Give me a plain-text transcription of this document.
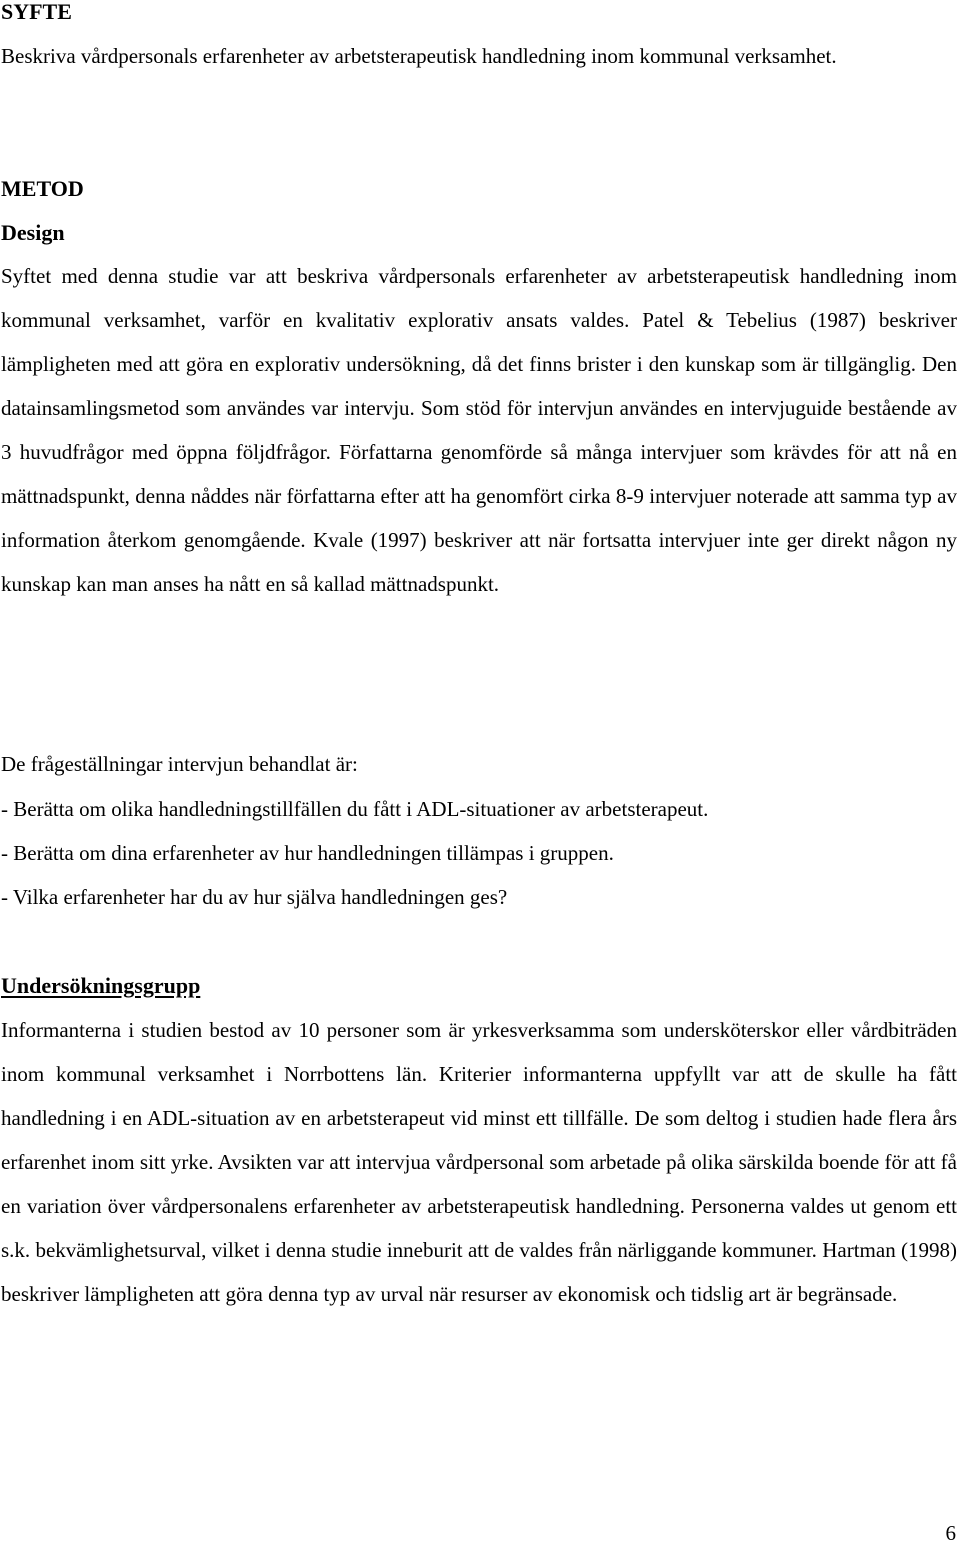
SYFTE

Beskriva vårdpersonals erfarenheter av arbetsterapeutisk handledning inom kommunal verksamhet.

METOD
Design

Syftet med denna studie var att beskriva vårdpersonals erfarenheter av arbetsterapeutisk handledning inom kommunal verksamhet, varför en kvalitativ explorativ ansats valdes. Patel & Tebelius (1987) beskriver lämpligheten med att göra en explorativ undersökning, då det finns brister i den kunskap som är tillgänglig. Den datainsamlingsmetod som användes var intervju. Som stöd för intervjun användes en intervjuguide bestående av 3 huvudfrågor med öppna följdfrågor. Författarna genomförde så många intervjuer som krävdes för att nå en mättnadspunkt, denna nåddes när författarna efter att ha genomfört cirka 8-9 intervjuer noterade att samma typ av information återkom genomgående. Kvale (1997) beskriver att när fortsatta intervjuer inte ger direkt någon ny kunskap kan man anses ha nått en så kallad mättnadspunkt.

De frågeställningar intervjun behandlat är:

- Berätta om olika handledningstillfällen du fått i ADL-situationer av arbetsterapeut.

- Berätta om dina erfarenheter av hur handledningen tillämpas i gruppen.

- Vilka erfarenheter har du av hur själva handledningen ges?

Undersökningsgrupp

Informanterna i studien bestod av 10 personer som är yrkesverksamma som undersköterskor eller vårdbiträden inom kommunal verksamhet i Norrbottens län. Kriterier informanterna uppfyllt var att de skulle ha fått handledning i en ADL-situation av en arbetsterapeut vid minst ett tillfälle. De som deltog i studien hade flera års erfarenhet inom sitt yrke. Avsikten var att intervjua vårdpersonal som arbetade på olika särskilda boende för att få en variation över vårdpersonalens erfarenheter av arbetsterapeutisk handledning. Personerna valdes ut genom ett s.k. bekvämlighetsurval, vilket i denna studie inneburit att de valdes från närliggande kommuner. Hartman (1998) beskriver lämpligheten att göra denna typ av urval när resurser av ekonomisk och tidslig art är begränsade.

6
